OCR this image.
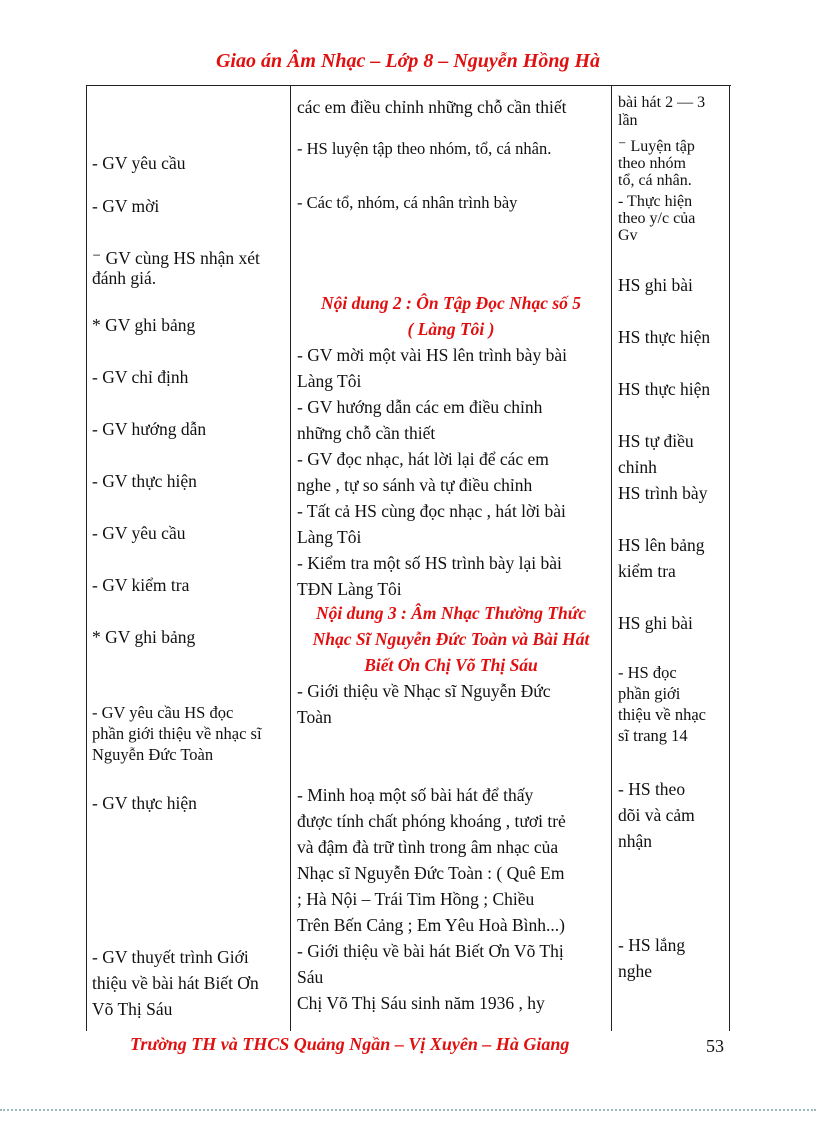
Giao án Âm Nhạc – Lớp 8 – Nguyễn Hồng Hà
- GV yêu cầu
- GV mời
⁻ GV cùng HS nhận xét
đánh giá.
* GV ghi bảng
- GV chỉ định
- GV hướng dẫn
- GV thực hiện
- GV yêu cầu
- GV kiểm tra
* GV ghi bảng
- GV yêu cầu HS đọc
phần giới thiệu về nhạc sĩ
Nguyễn Đức Toàn
- GV thực hiện
- GV thuyết trình Giới
thiệu về bài hát Biết Ơn
Võ Thị Sáu
các em điều chỉnh những chỗ cần thiết
- HS luyện tập theo nhóm, tổ, cá nhân.
- Các tổ, nhóm, cá nhân trình bày
Nội dung 2 : Ôn Tập Đọc Nhạc số 5
( Làng Tôi )
- GV mời một vài HS lên trình bày bài
Làng Tôi
- GV hướng dẫn các em điều chỉnh
những chỗ cần thiết
- GV đọc nhạc, hát lời lại để các em
nghe , tự so sánh và tự điều chỉnh
- Tất cả HS cùng đọc nhạc , hát lời bài
Làng Tôi
- Kiểm tra một số HS trình bày lại bài
TĐN Làng Tôi
Nội dung 3 : Âm Nhạc Thường Thức
Nhạc Sĩ Nguyễn Đức Toàn và Bài Hát
Biết Ơn Chị Võ Thị Sáu
- Giới thiệu về Nhạc sĩ Nguyễn Đức
Toàn
- Minh hoạ một số bài hát để thấy
được tính chất phóng khoáng , tươi trẻ
và đậm đà trữ tình trong âm nhạc của
Nhạc sĩ Nguyễn Đức Toàn : ( Quê Em
; Hà Nội – Trái Tim Hồng ; Chiều
Trên Bến Cảng ; Em Yêu Hoà Bình...)
- Giới thiệu về bài hát Biết Ơn Võ Thị
Sáu
Chị Võ Thị Sáu sinh năm 1936 , hy
bài hát 2 — 3
lần
⁻ Luyện tập
theo nhóm
tổ, cá nhân.
- Thực hiện
theo y/c của
Gv
HS ghi bài
HS thực hiện
HS thực hiện
HS tự điều
chỉnh
HS trình bày
HS lên bảng
kiểm tra
HS ghi bài
- HS đọc
phần giới
thiệu về nhạc
sĩ trang 14
- HS theo
dõi và cảm
nhận
- HS lắng
nghe
Trường TH và THCS Quảng Ngần – Vị Xuyên – Hà Giang	53
